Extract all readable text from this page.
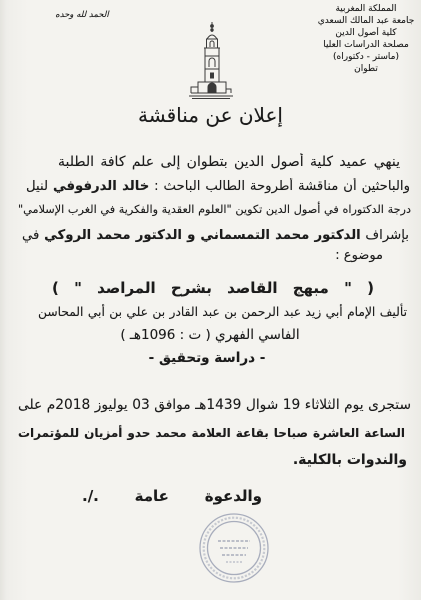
الحمد لله وحده
المملكة المغربية
جامعة عبد المالك السعدي
كلية أصول الدين
مصلحة الدراسات العليا
(ماستر - دكتوراه)
تطوان
إعلان عن مناقشة
ينهي عميد كلية أصول الدين بتطوان إلى علم كافة الطلبة
والباحثين أن مناقشة أطروحة الطالب الباحث : خالد الدرفوفي لنيل
درجة الدكتوراه في أصول الدين تكوين "العلوم العقدية والفكرية في الغرب الإسلامي"
بإشراف الدكتور محمد التمسماني و الدكتور محمد الروكي في
موضوع :
( " مبهج القاصد بشرح المراصد " )
تأليف الإمام أبي زيد عبد الرحمن بن عبد القادر بن علي بن أبي المحاسن
الفاسي الفهري ( ت : 1096هـ )
- دراسة وتحقيق -
ستجرى يوم الثلاثاء 19 شوال 1439هـ موافق 03 يوليوز 2018م على
الساعة العاشرة صباحا بقاعة العلامة محمد حدو أمزيان للمؤتمرات
والندوات بالكلية.
والدعوة عامة ./.
